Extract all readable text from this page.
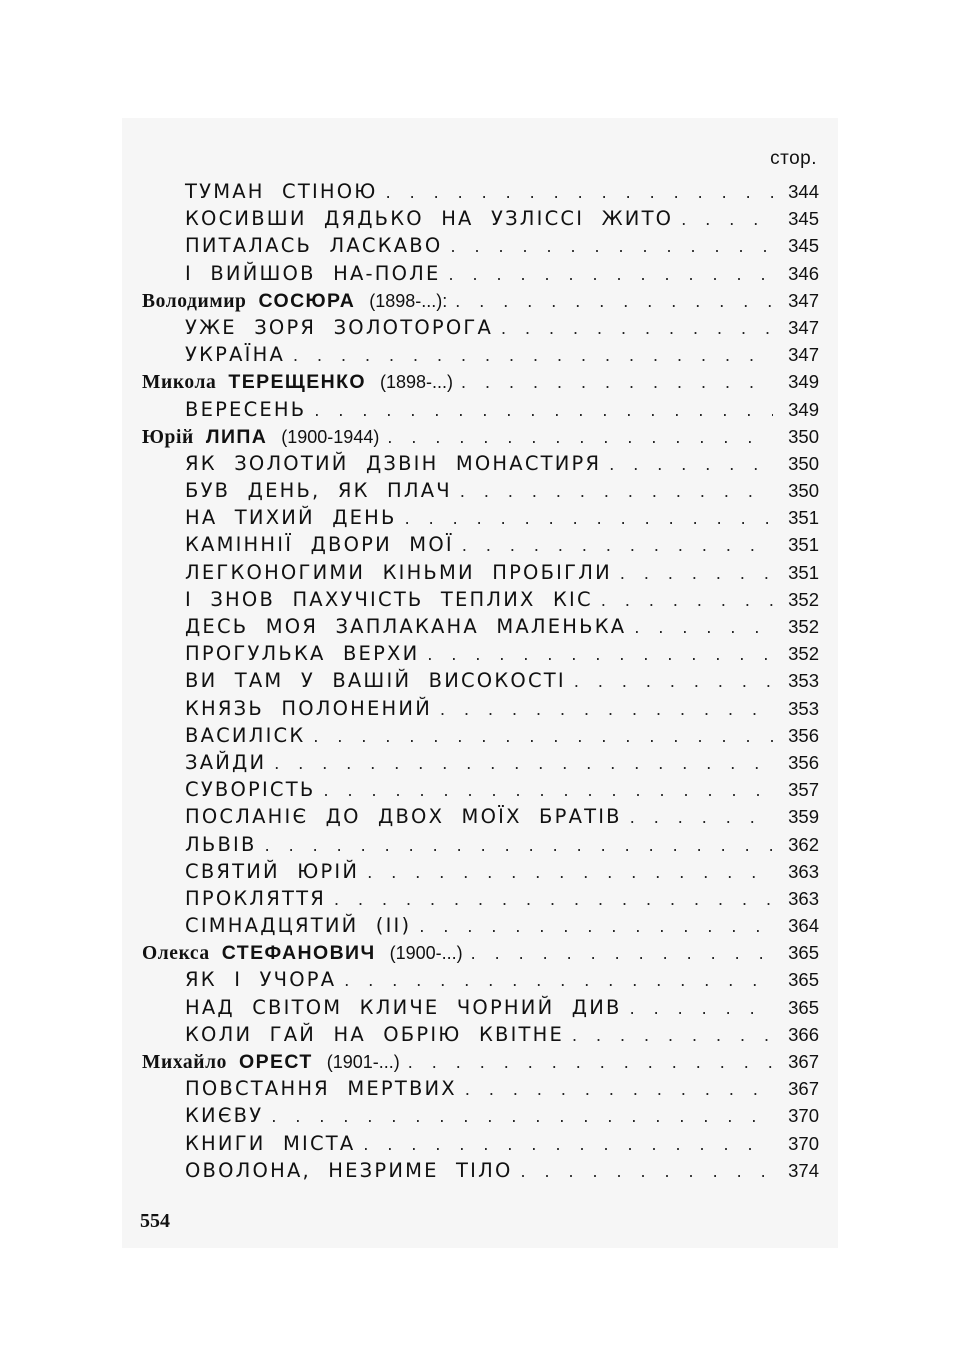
стор.
ТУМАН СТІНОЮ . . .	344
КОСИВШИ ДЯДЬКО НА УЗЛІССІ ЖИТО . . .	345
ПИТАЛАСЬ ЛАСКАВО . . .	345
І ВИЙШОВ НА-ПОЛЕ . . .	346
Володимир СОСЮРА (1898-...): . . .	347
УЖЕ ЗОРЯ ЗОЛОТОРОГА . . .	347
УКРАЇНА . . .	347
Микола ТЕРЕЩЕНКО (1898-...) . . .	349
ВЕРЕСЕНЬ . . .	349
Юрій ЛИПА (1900-1944) . . .	350
ЯК ЗОЛОТИЙ ДЗВІН МОНАСТИРЯ . . .	350
БУВ ДЕНЬ, ЯК ПЛАЧ . . .	350
НА ТИХИЙ ДЕНЬ . . .	351
КАМІННІЇ ДВОРИ МОЇ . . .	351
ЛЕГКОНОГИМИ КІНЬМИ ПРОБІГЛИ . . .	351
І ЗНОВ ПАХУЧІСТЬ ТЕПЛИХ КІС . . .	352
ДЕСЬ МОЯ ЗАПЛАКАНА МАЛЕНЬКА . . .	352
ПРОГУЛЬКА ВЕРХИ . . .	352
ВИ ТАМ У ВАШІЙ ВИСОКОСТІ . . .	353
КНЯЗЬ ПОЛОНЕНИЙ . . .	353
ВАСИЛІСК . . .	356
ЗАЙДИ . . .	356
СУВОРІСТЬ . . .	357
ПОСЛАНІЄ ДО ДВОХ МОЇХ БРАТІВ . . .	359
ЛЬВІВ . . .	362
СВЯТИЙ ЮРІЙ . . .	363
ПРОКЛЯТТЯ . . .	363
СІМНАДЦЯТИЙ (II) . . .	364
Олекса СТЕФАНОВИЧ (1900-...) . . .	365
ЯК І УЧОРА . . .	365
НАД СВІТОМ КЛИЧЕ ЧОРНИЙ ДИВ . . .	365
КОЛИ ГАЙ НА ОБРІЮ КВІТНЕ . . .	366
Михайло ОРЕСТ (1901-...) . . .	367
ПОВСТАННЯ МЕРТВИХ . . .	367
КИЄВУ . . .	370
КНИГИ МІСТА . . .	370
ОВОЛОНА, НЕЗРИМЕ ТІЛО . . .	374
554
